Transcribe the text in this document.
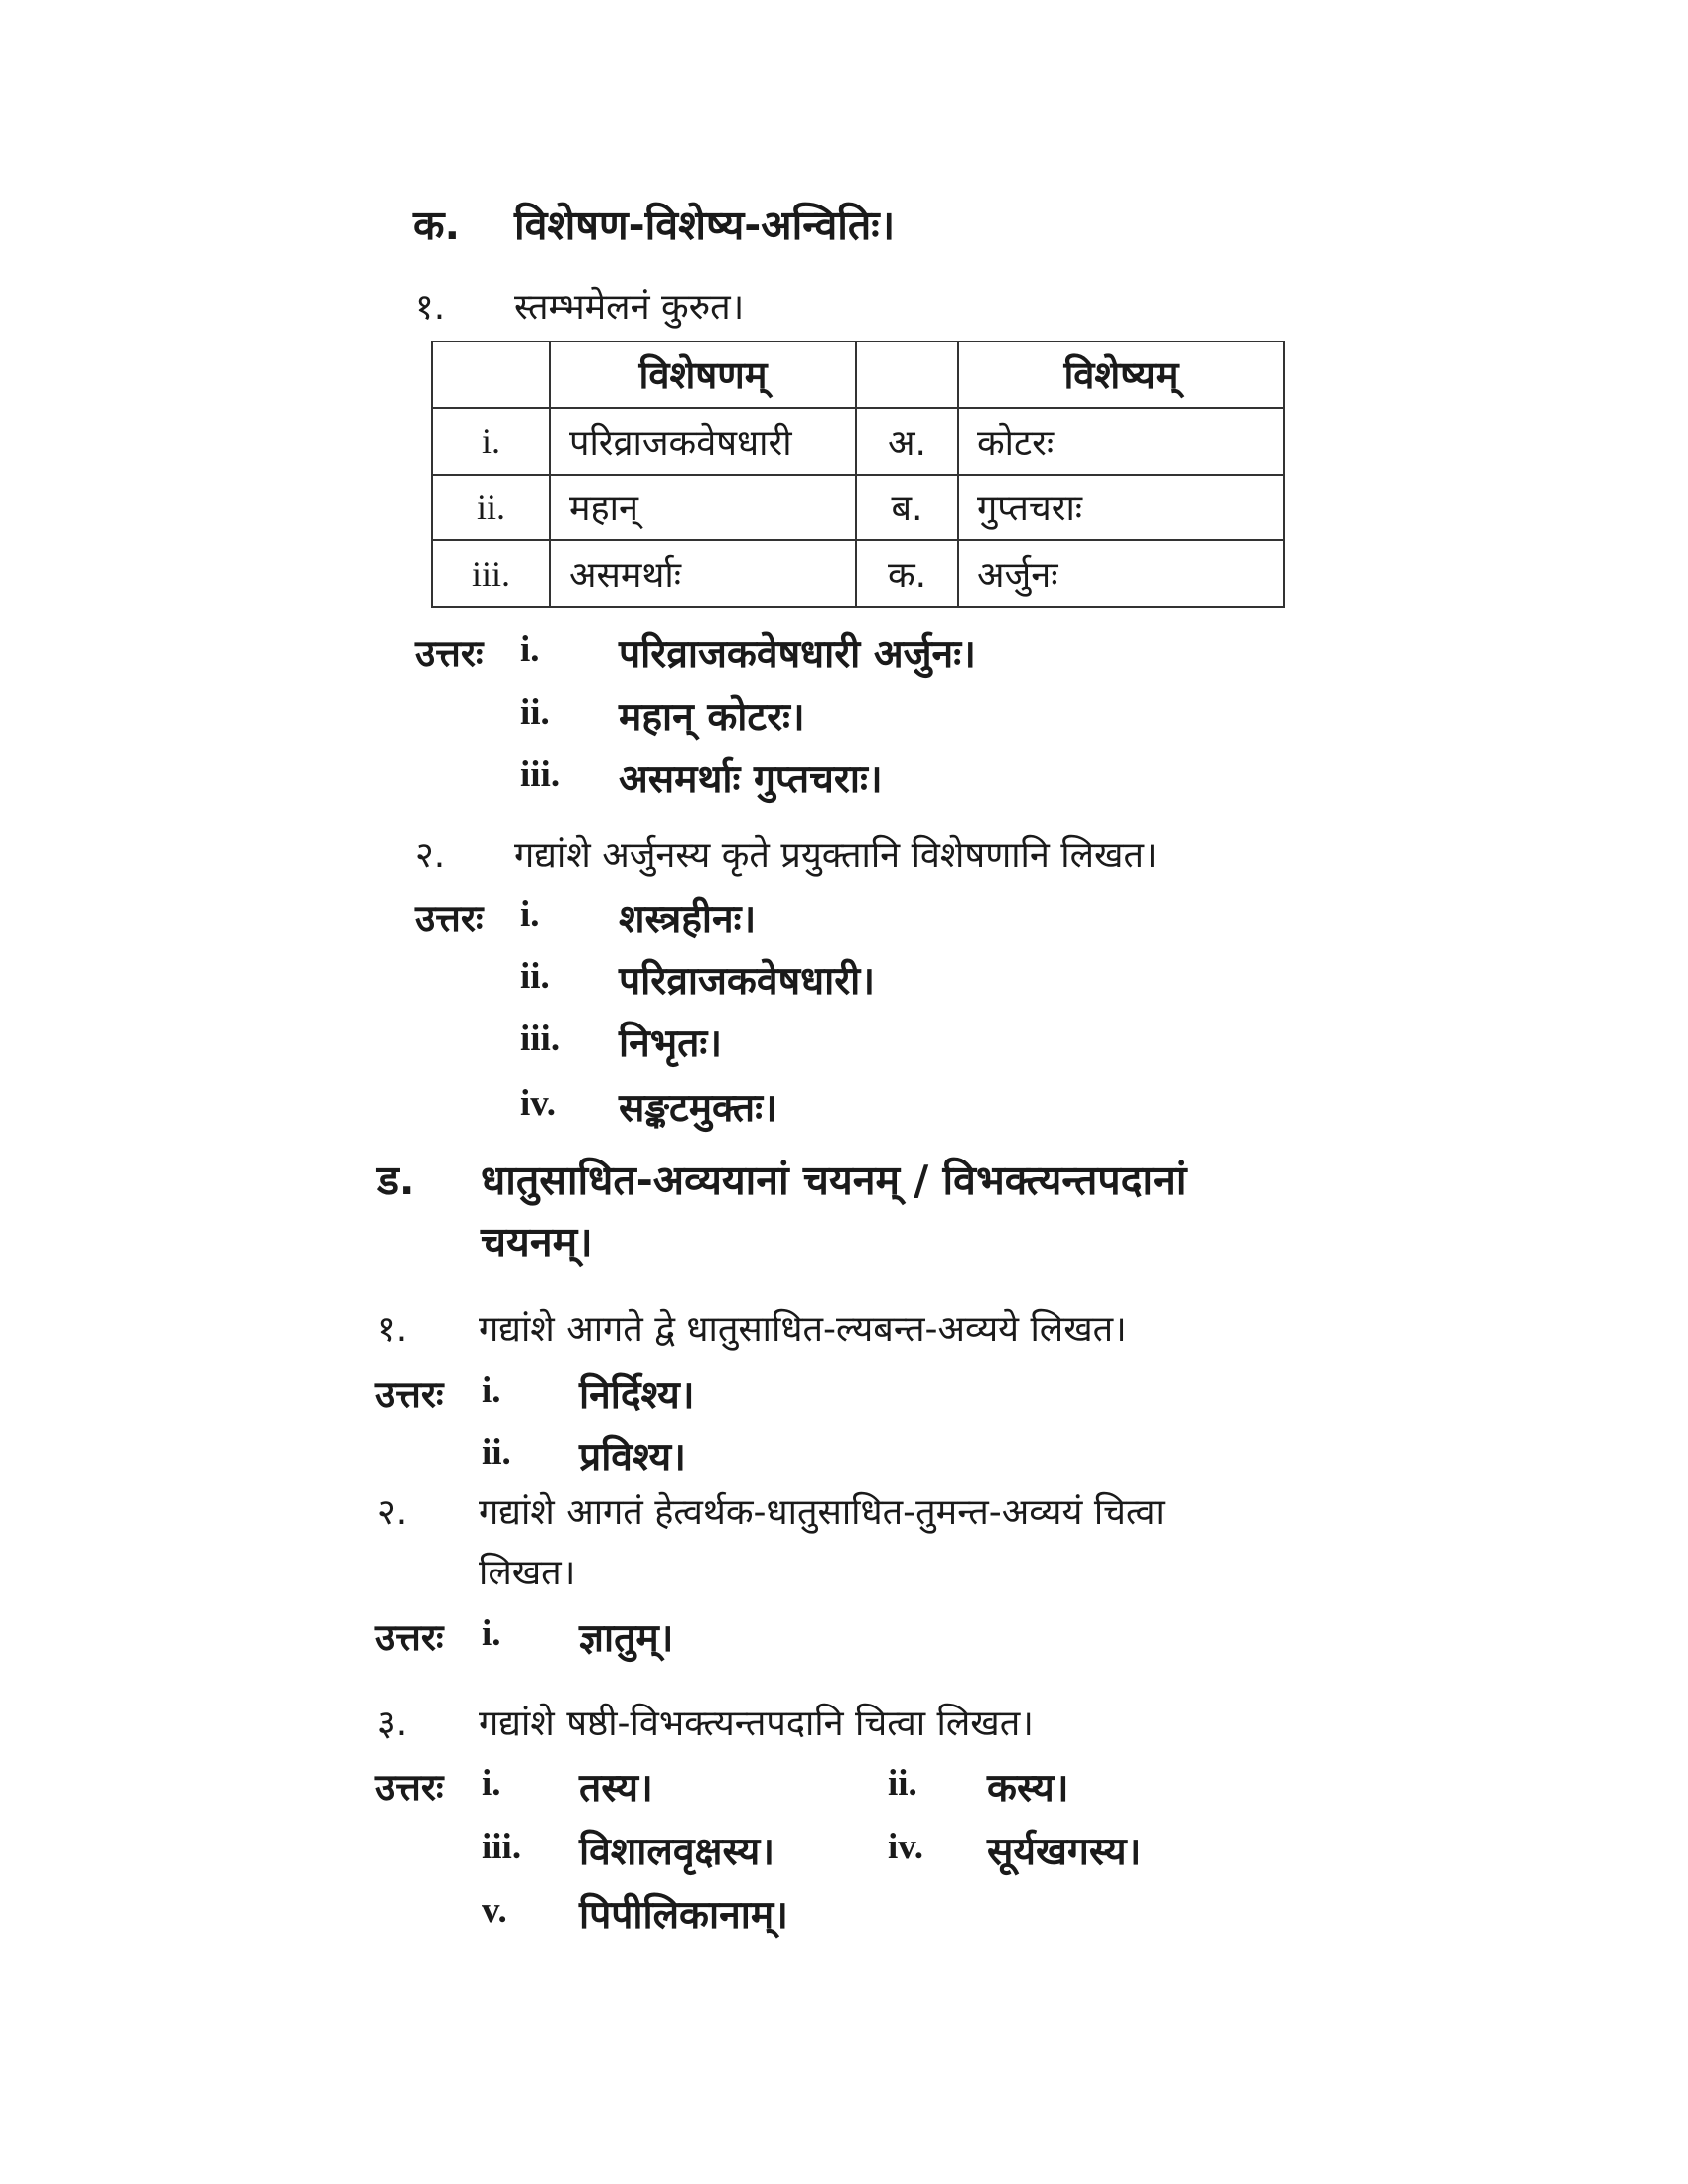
क. विशेषण-विशेष्य-अन्वितिः।
१. स्तम्भमेलनं कुरुत।
	विशेषणम्		विशेष्यम्
i.	परिव्राजकवेषधारी	अ.	कोटरः
ii.	महान्	ब.	गुप्तचराः
iii.	असमर्थाः	क.	अर्जुनः
उत्तरः i. परिव्राजकवेषधारी अर्जुनः।
ii. महान् कोटरः।
iii. असमर्थाः गुप्तचराः।
२. गद्यांशे अर्जुनस्य कृते प्रयुक्तानि विशेषणानि लिखत।
उत्तरः i. शस्त्रहीनः।
ii. परिव्राजकवेषधारी।
iii. निभृतः।
iv. सङ्कटमुक्तः।
ड. धातुसाधित-अव्ययानां चयनम् / विभक्त्यन्तपदानां
चयनम्।
१. गद्यांशे आगते द्वे धातुसाधित-ल्यबन्त-अव्यये लिखत।
उत्तरः i. निर्दिश्य।
ii. प्रविश्य।
२. गद्यांशे आगतं हेत्वर्थक-धातुसाधित-तुमन्त-अव्ययं चित्वा
लिखत।
उत्तरः i. ज्ञातुम्।
३. गद्यांशे षष्ठी-विभक्त्यन्तपदानि चित्वा लिखत।
उत्तरः i. तस्य।	ii. कस्य।
iii. विशालवृक्षस्य।	iv. सूर्यखगस्य।
v. पिपीलिकानाम्।
